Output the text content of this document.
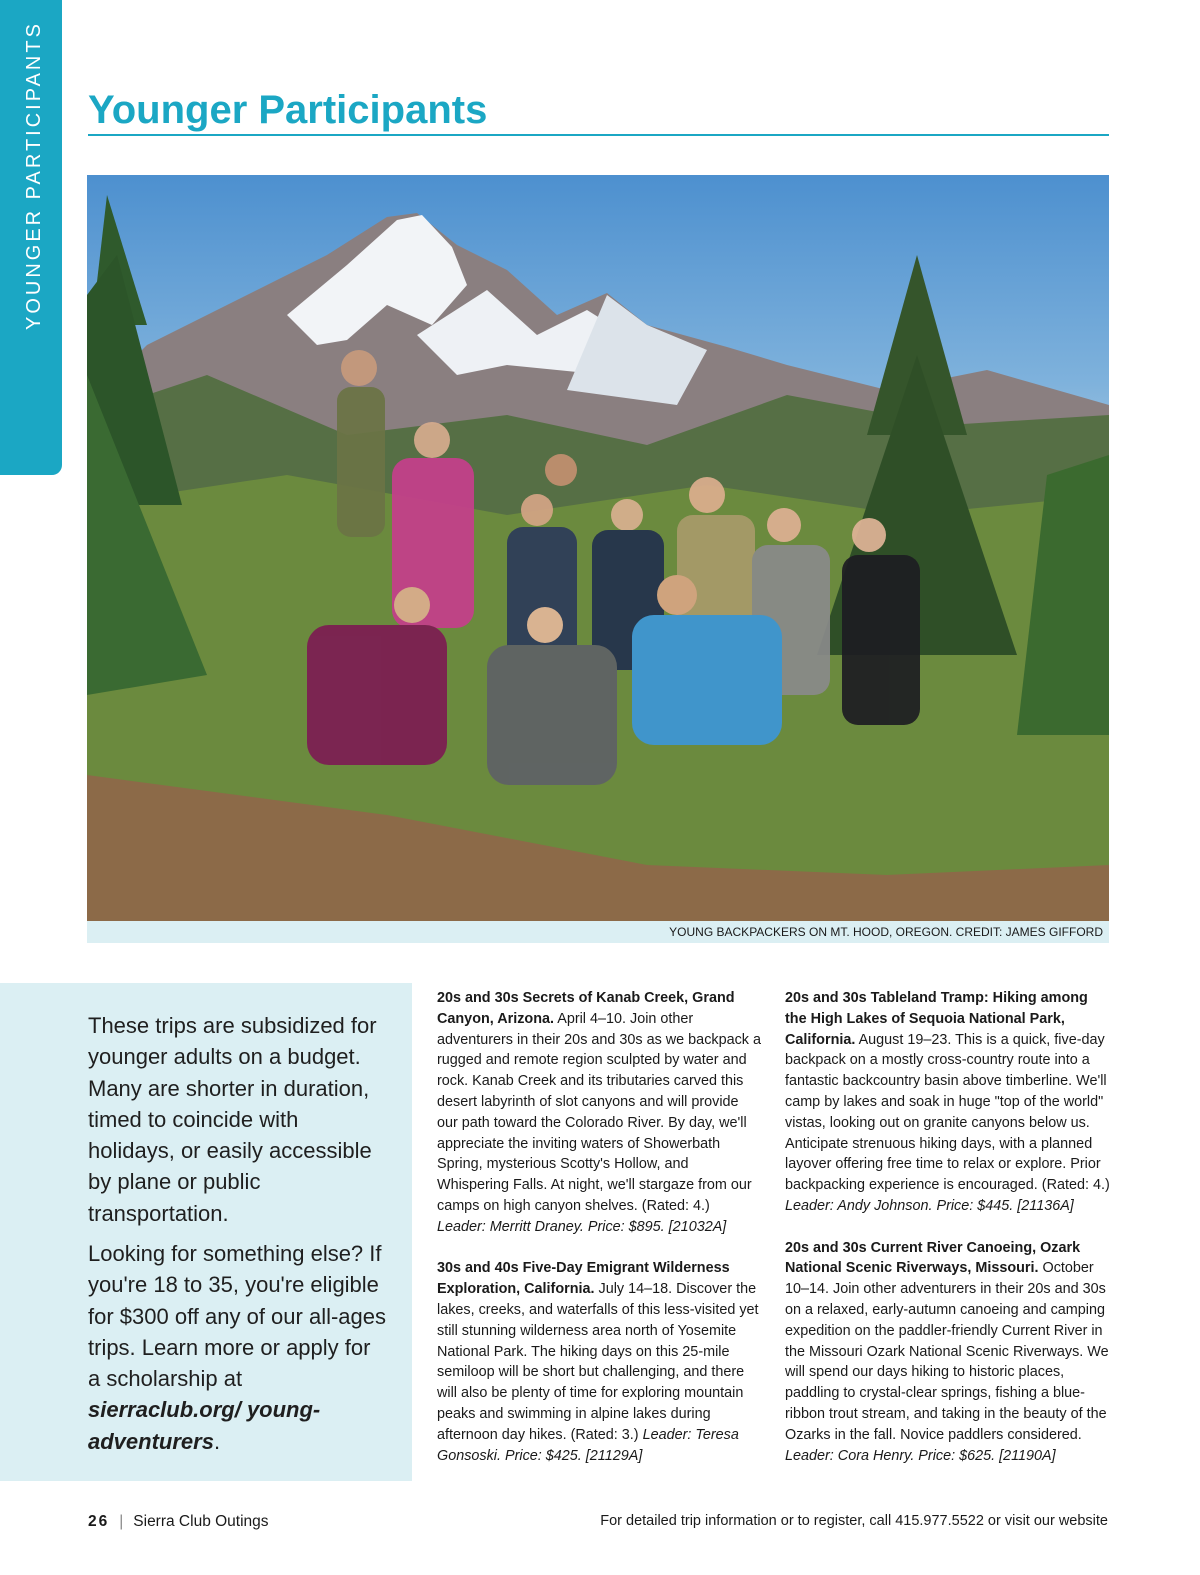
YOUNGER PARTICIPANTS Younger Participants
YOUNG BACKPACKERS ON MT. HOOD, OREGON. CREDIT: JAMES GIFFORD

These trips are subsidized for younger adults on a budget. Many are shorter in duration, timed to coincide with holidays, or easily accessible by plane or public transportation.

Looking for something else? If you're 18 to 35, you're eligible for $300 off any of our all-ages trips. Learn more or apply for a scholarship at sierraclub.org/ young-adventurers.

20s and 30s Secrets of Kanab Creek, Grand Canyon, Arizona. April 4–10. Join other adventurers in their 20s and 30s as we backpack a rugged and remote region sculpted by water and rock. Kanab Creek and its tributaries carved this desert labyrinth of slot canyons and will provide our path toward the Colorado River. By day, we'll appreciate the inviting waters of Showerbath Spring, mysterious Scotty's Hollow, and Whispering Falls. At night, we'll stargaze from our camps on high canyon shelves. (Rated: 4.) Leader: Merritt Draney. Price: $895. [21032A]

30s and 40s Five-Day Emigrant Wilderness Exploration, California. July 14–18. Discover the lakes, creeks, and waterfalls of this less-visited yet still stunning wilderness area north of Yosemite National Park. The hiking days on this 25-mile semiloop will be short but challenging, and there will also be plenty of time for exploring mountain peaks and swimming in alpine lakes during afternoon day hikes. (Rated: 3.) Leader: Teresa Gonsoski. Price: $425. [21129A]

20s and 30s Tableland Tramp: Hiking among the High Lakes of Sequoia National Park, California. August 19–23. This is a quick, five-day backpack on a mostly cross-country route into a fantastic backcountry basin above timberline. We'll camp by lakes and soak in huge "top of the world" vistas, looking out on granite canyons below us. Anticipate strenuous hiking days, with a planned layover offering free time to relax or explore. Prior backpacking experience is encouraged. (Rated: 4.) Leader: Andy Johnson. Price: $445. [21136A]

20s and 30s Current River Canoeing, Ozark National Scenic Riverways, Missouri. October 10–14. Join other adventurers in their 20s and 30s on a relaxed, early-autumn canoeing and camping expedition on the paddler-friendly Current River in the Missouri Ozark National Scenic Riverways. We will spend our days hiking to historic places, paddling to crystal-clear springs, fishing a blue-ribbon trout stream, and taking in the beauty of the Ozarks in the fall. Novice paddlers considered. Leader: Cora Henry. Price: $625. [21190A]

26 | Sierra Club Outings	For detailed trip information or to register, call 415.977.5522 or visit our website
